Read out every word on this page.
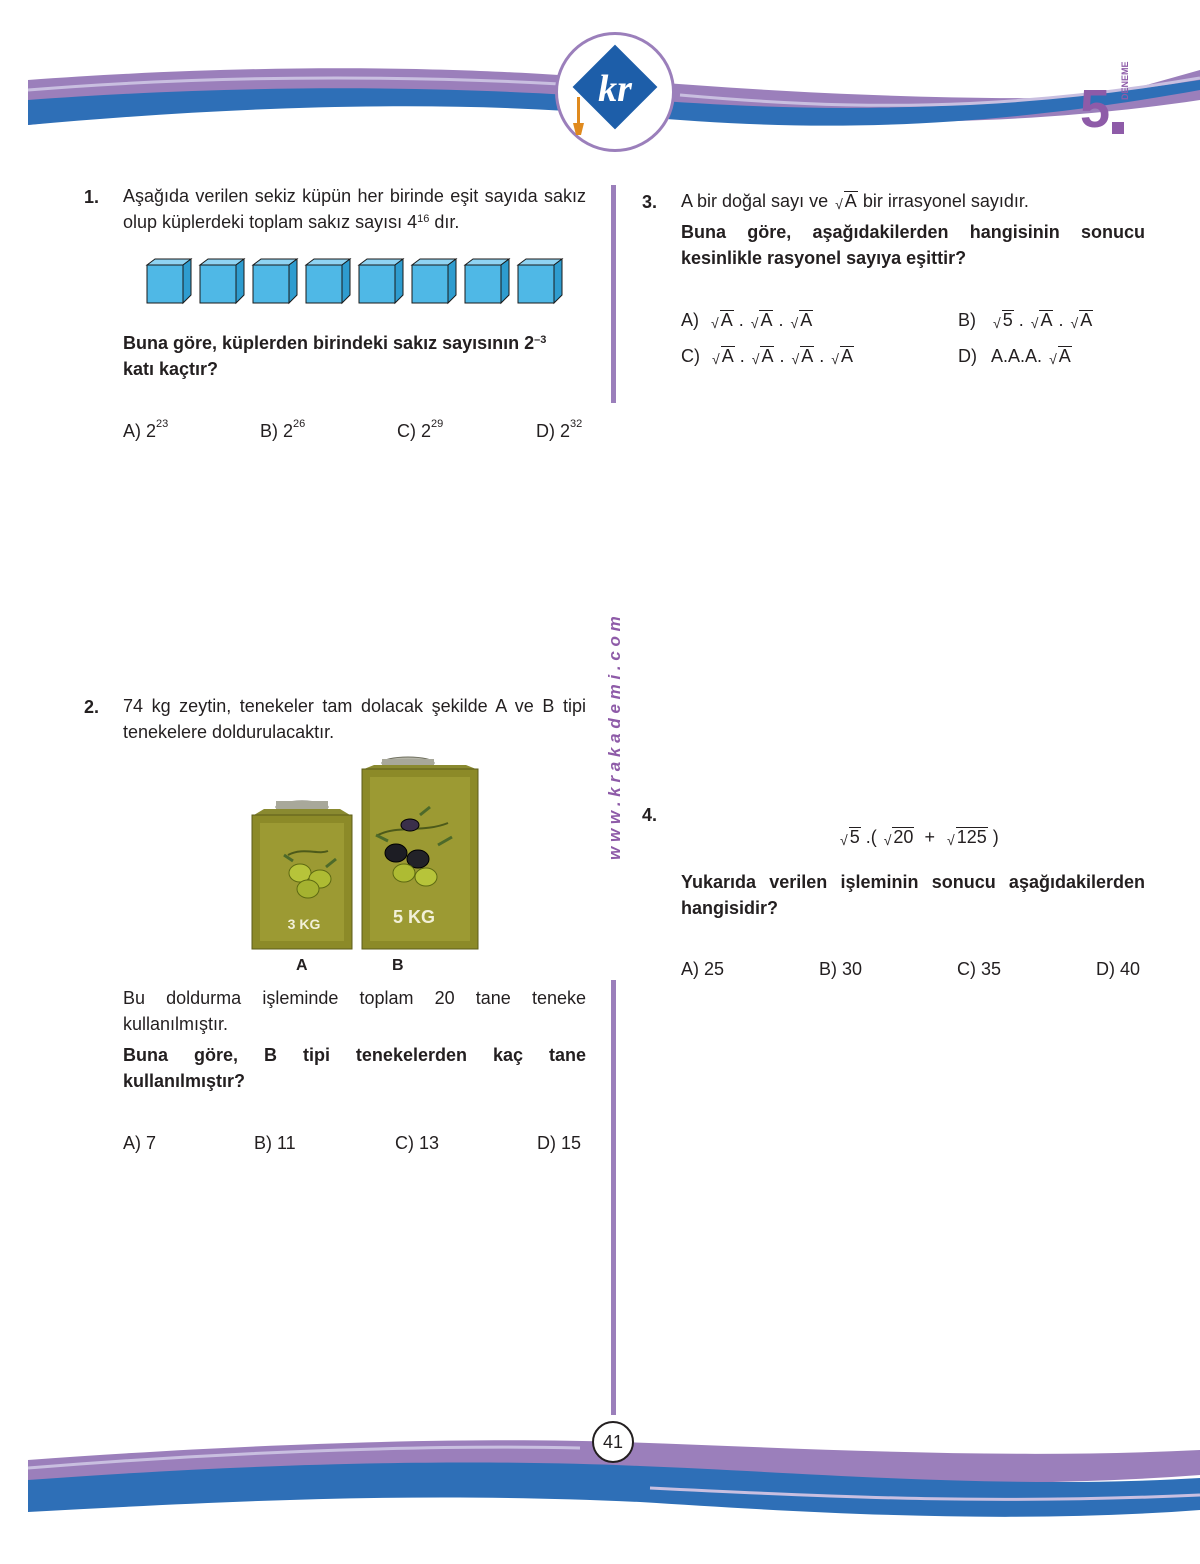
kr	5 DENEME
w w w . k r a k a d e m i . c o m
1. Aşağıda verilen sekiz küpün her birinde eşit sayıda sakız olup küplerdeki toplam sakız sayısı $4^{16}$ dır.
Buna göre, küplerden birindeki sakız sayısının $2^{-3}$
katı kaçtır?
A) $2^{23}$	B) $2^{26}$	C) $2^{29}$	D) $2^{32}$
2. 74 kg zeytin, tenekeler tam dolacak şekilde A ve B tipi tenekelere doldurulacaktır.
3 KG	5 KG
A	B
Bu doldurma işleminde toplam 20 tane teneke kullanılmıştır.
Buna göre, B tipi tenekelerden kaç tane kullanılmıştır?
A) 7	B) 11	C) 13	D) 15
3. A bir doğal sayı ve √ A bir irrasyonel sayıdır.
Buna göre, aşağıdakilerden hangisinin sonucu kesinlikle rasyonel sayıya eşittir?
A) √ A . √ A . √ A	B) √ 5 . √ A . √ A
C) √ A . √ A . √ A . √ A	D) A.A.A. √ A
4.
√ 5 .( √ 20 + √ 125 )
Yukarıda verilen işleminin sonucu aşağıdakilerden hangisidir?
A) 25	B) 30	C) 35	D) 40
41
